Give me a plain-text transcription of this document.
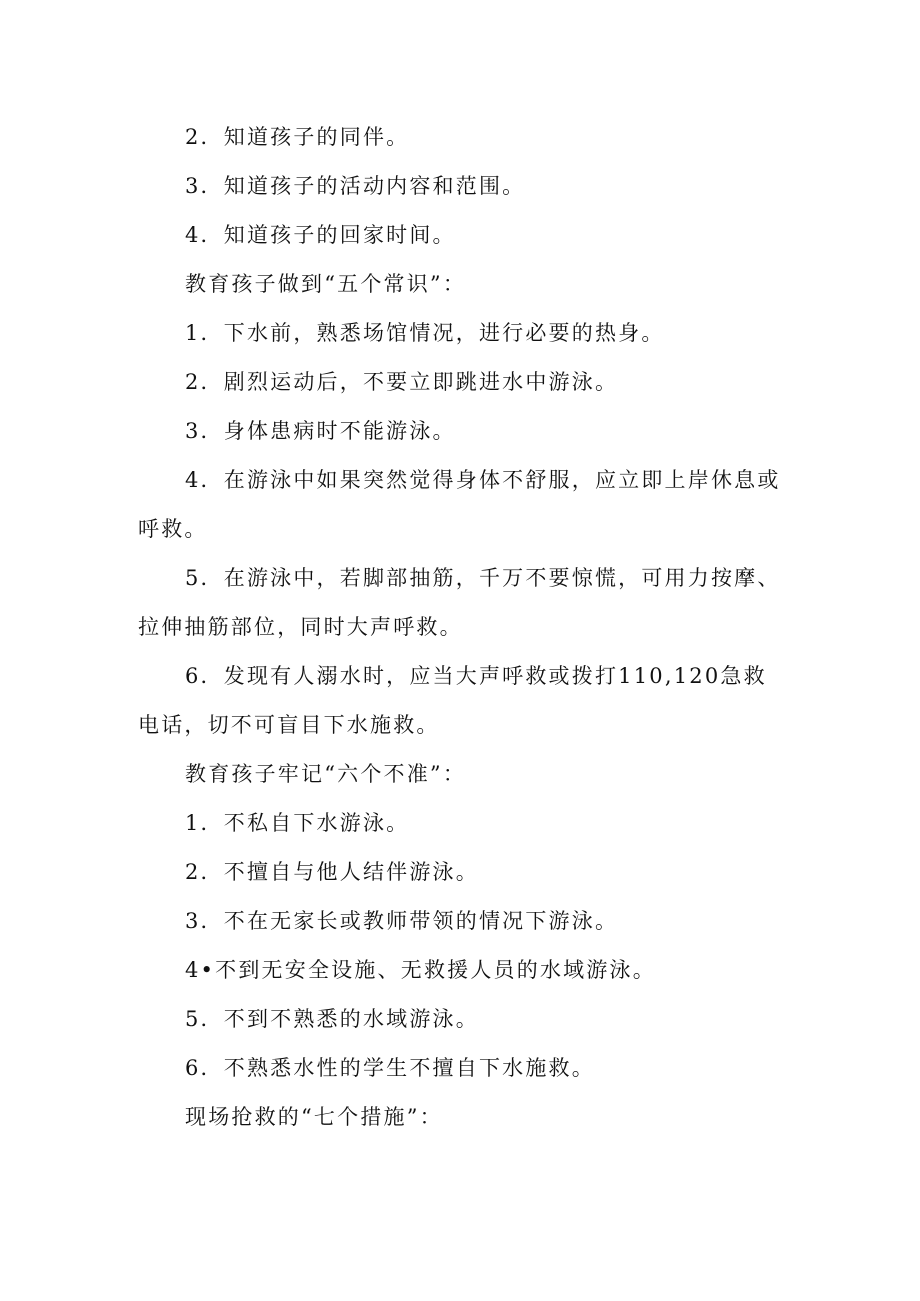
2．知道孩子的同伴。

3．知道孩子的活动内容和范围。

4．知道孩子的回家时间。

教育孩子做到“五个常识”：

1．下水前，熟悉场馆情况，进行必要的热身。

2．剧烈运动后，不要立即跳进水中游泳。

3．身体患病时不能游泳。

4．在游泳中如果突然觉得身体不舒服，应立即上岸休息或呼救。

5．在游泳中，若脚部抽筋，千万不要惊慌，可用力按摩、拉伸抽筋部位，同时大声呼救。

6．发现有人溺水时，应当大声呼救或拨打110,120急救电话，切不可盲目下水施救。

教育孩子牢记“六个不准”：

1．不私自下水游泳。

2．不擅自与他人结伴游泳。

3．不在无家长或教师带领的情况下游泳。

4•不到无安全设施、无救援人员的水域游泳。

5．不到不熟悉的水域游泳。

6．不熟悉水性的学生不擅自下水施救。

现场抢救的“七个措施”：
